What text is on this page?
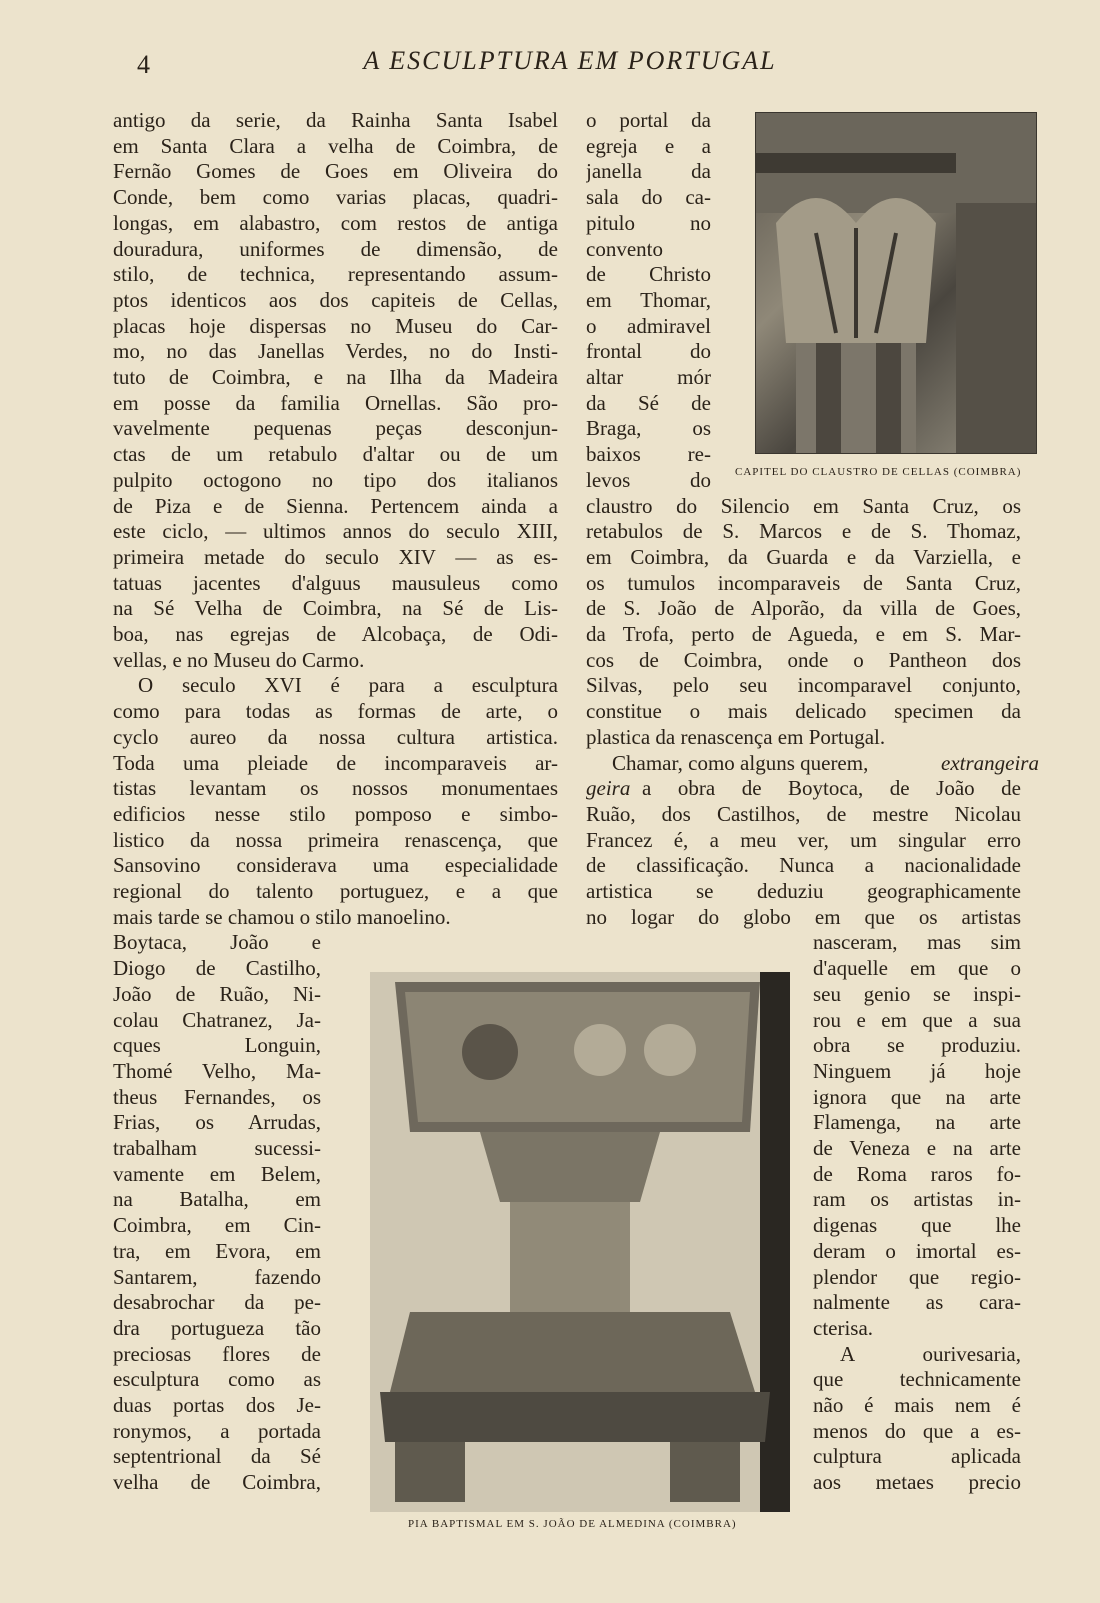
4	A ESCULPTURA EM PORTUGAL
CAPITEL DO CLAUSTRO DE CELLAS (COIMBRA)
PIA BAPTISMAL EM S. JOÃO DE ALMEDINA (COIMBRA)
antigo da serie, da Rainha Santa Isabel
em Santa Clara a velha de Coimbra, de
Fernão Gomes de Goes em Oliveira do
Conde, bem como varias placas, quadri-
longas, em alabastro, com restos de antiga
douradura, uniformes de dimensão, de
stilo, de technica, representando assum-
ptos identicos aos dos capiteis de Cellas,
placas hoje dispersas no Museu do Car-
mo, no das Janellas Verdes, no do Insti-
tuto de Coimbra, e na Ilha da Madeira
em posse da familia Ornellas. São pro-
vavelmente pequenas peças desconjun-
ctas de um retabulo d'altar ou de um
pulpito octogono no tipo dos italianos
de Piza e de Sienna. Pertencem ainda a
este ciclo, — ultimos annos do seculo XIII,
primeira metade do seculo XIV — as es-
tatuas jacentes d'alguus mausuleus como
na Sé Velha de Coimbra, na Sé de Lis-
boa, nas egrejas de Alcobaça, de Odi-
vellas, e no Museu do Carmo.
O seculo XVI é para a esculptura
como para todas as formas de arte, o
cyclo aureo da nossa cultura artistica.
Toda uma pleiade de incomparaveis ar-
tistas levantam os nossos monumentaes
edificios nesse stilo pomposo e simbo-
listico da nossa primeira renascença, que
Sansovino considerava uma especialidade
regional do talento portuguez, e a que
mais tarde se chamou o stilo manoelino.
Boytaca, João e
Diogo de Castilho,
João de Ruão, Ni-
colau Chatranez, Ja-
cques Longuin,
Thomé Velho, Ma-
theus Fernandes, os
Frias, os Arrudas,
trabalham sucessi-
vamente em Belem,
na Batalha, em
Coimbra, em Cin-
tra, em Evora, em
Santarem, fazendo
desabrochar da pe-
dra portugueza tão
preciosas flores de
esculptura como as
duas portas dos Je-
ronymos, a portada
septentrional da Sé
velha de Coimbra,
o portal da
egreja e a
janella da
sala do ca-
pitulo no
convento
de Christo
em Thomar,
o admiravel
frontal do
altar mór
da Sé de
Braga, os
baixos re-
levos do
claustro do Silencio em Santa Cruz, os
retabulos de S. Marcos e de S. Thomaz,
em Coimbra, da Guarda e da Varziella, e
os tumulos incomparaveis de Santa Cruz,
de S. João de Alporão, da villa de Goes,
da Trofa, perto de Agueda, e em S. Mar-
cos de Coimbra, onde o Pantheon dos
Silvas, pelo seu incomparavel conjunto,
constitue o mais delicado specimen da
plastica da renascença em Portugal.
Chamar, como alguns querem,	extrangeira
geira a obra de Boytoca, de João de
Ruão, dos Castilhos, de mestre Nicolau
Francez é, a meu ver, um singular erro
de classificação. Nunca a nacionalidade
artistica se deduziu geographicamente
no logar do globo em que os artistas
nasceram, mas sim
d'aquelle em que o
seu genio se inspi-
rou e em que a sua
obra se produziu.
Ninguem já hoje
ignora que na arte
Flamenga, na arte
de Veneza e na arte
de Roma raros fo-
ram os artistas in-
digenas que lhe
deram o imortal es-
plendor que regio-
nalmente as cara-
cterisa.
A ourivesaria,
que technicamente
não é mais nem é
menos do que a es-
culptura aplicada
aos metaes precio
